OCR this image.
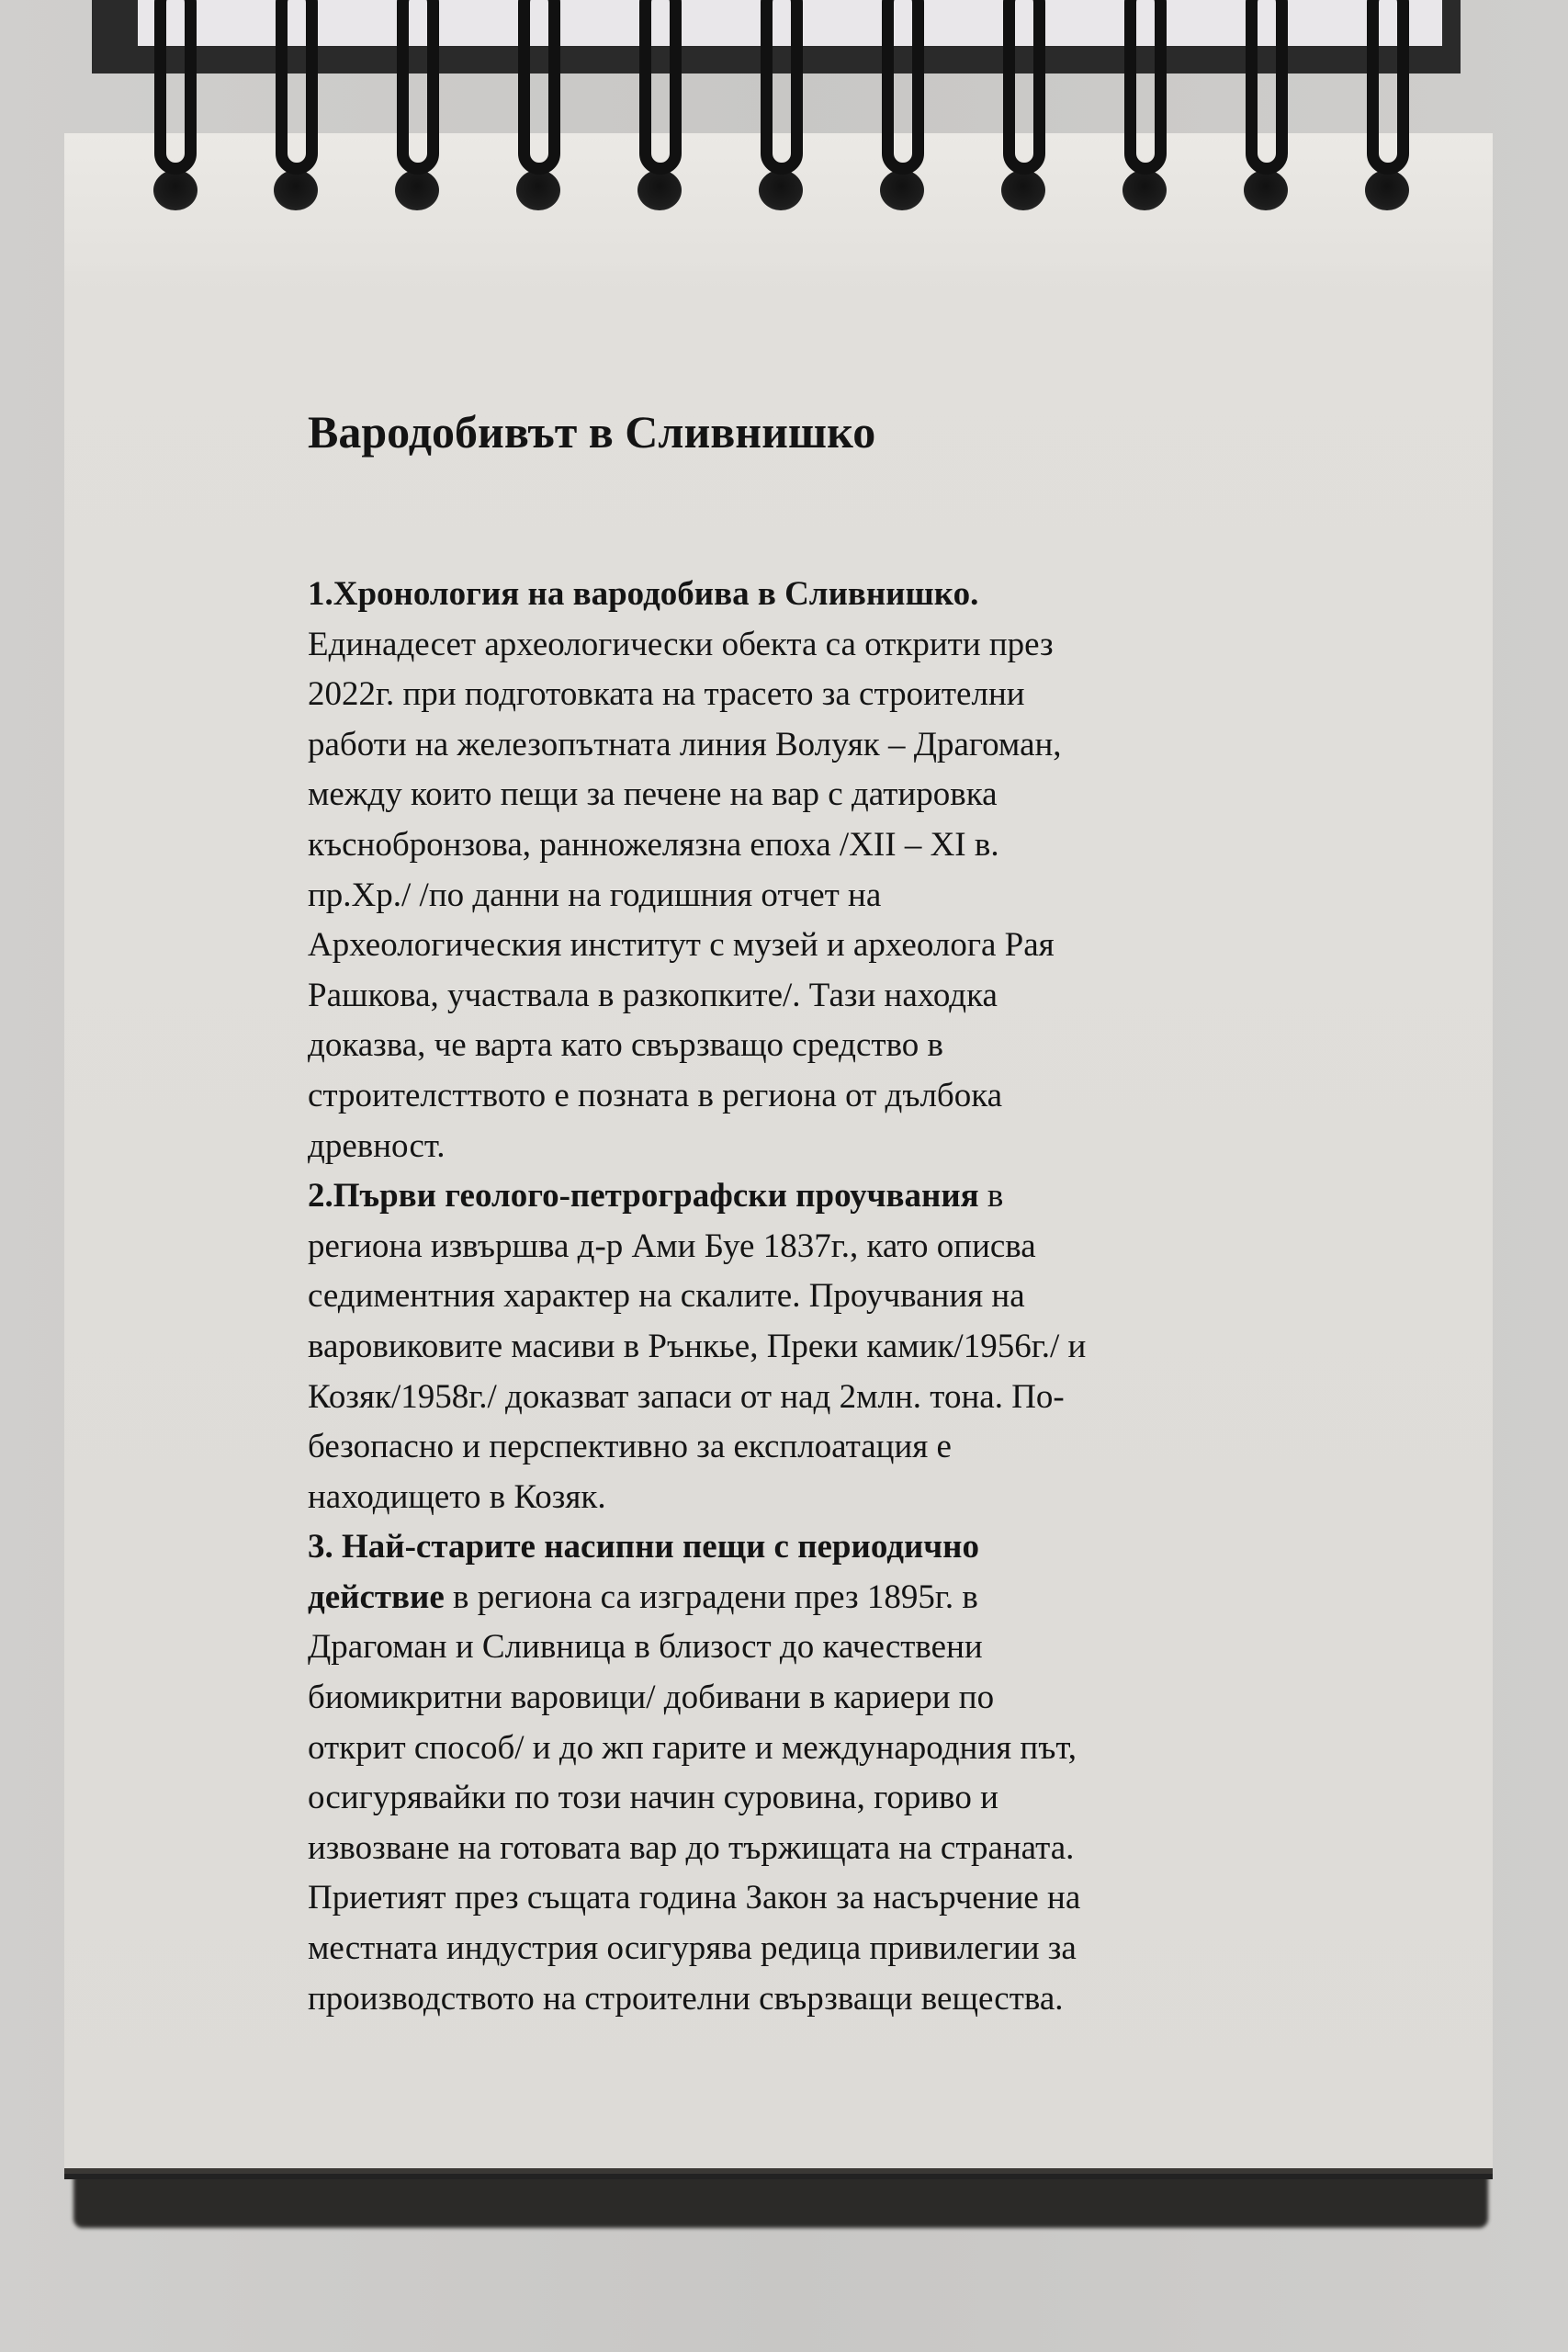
Вародобивът в Сливнишко
1.Хронология на вародобива в Сливнишко.
Единадесет археологически обекта са открити през
2022г. при подготовката на трасето за строителни
работи на железопътната линия Волуяк – Драгоман,
между които пещи за печене на вар с датировка
къснобронзова, ранножелязна епоха /XII – XI в.
пр.Хр./ /по данни на годишния отчет на
Археологическия институт с музей и археолога Рая
Рашкова, участвала в разкопките/. Тази находка
доказва, че варта като свързващо средство в
строителсттвото е позната в региона от дълбока
древност.
2.Първи геолого-петрографски проучвания в
региона извършва д-р Ами Буе 1837г., като описва
седиментния характер на скалите. Проучвания на
варовиковите масиви в Рънкье, Преки камик/1956г./ и
Козяк/1958г./ доказват запаси от над 2млн. тона. По-
безопасно и перспективно за експлоатация е
находището в Козяк.
3. Най-старите насипни пещи с периодично
действие в региона са изградени през 1895г. в
Драгоман и Сливница в близост до качествени
биомикритни варовици/ добивани в кариери по
открит способ/ и до жп гарите и международния път,
осигурявайки по този начин суровина, гориво и
извозване на готовата вар до тържищата на страната.
Приетият през същата година Закон за насърчение на
местната индустрия осигурява редица привилегии за
производството на строителни свързващи вещества.
